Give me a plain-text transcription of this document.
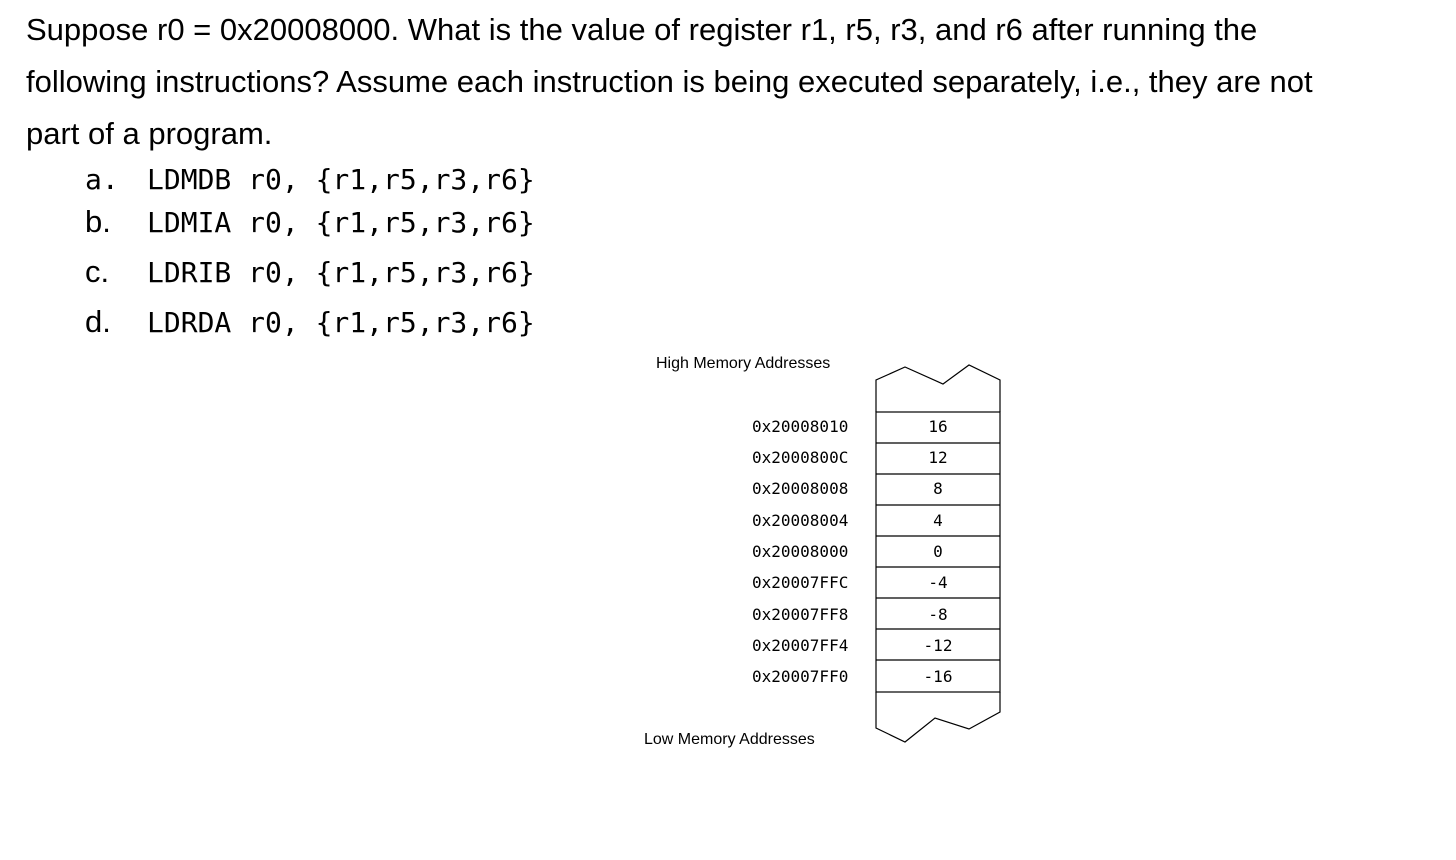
Suppose r0 = 0x20008000. What is the value of register r1, r5, r3, and r6 after running the
following instructions? Assume each instruction is being executed separately, i.e., they are not
part of a program.
a. LDMDB r0, {r1,r5,r3,r6}
b. LDMIA r0, {r1,r5,r3,r6}
c. LDRIB r0, {r1,r5,r3,r6}
d. LDRDA r0, {r1,r5,r3,r6}
High Memory Addresses
Low Memory Addresses
0x20008010	16
0x2000800C	12
0x20008008	8
0x20008004	4
0x20008000	0
0x20007FFC	-4
0x20007FF8	-8
0x20007FF4	-12
0x20007FF0	-16
